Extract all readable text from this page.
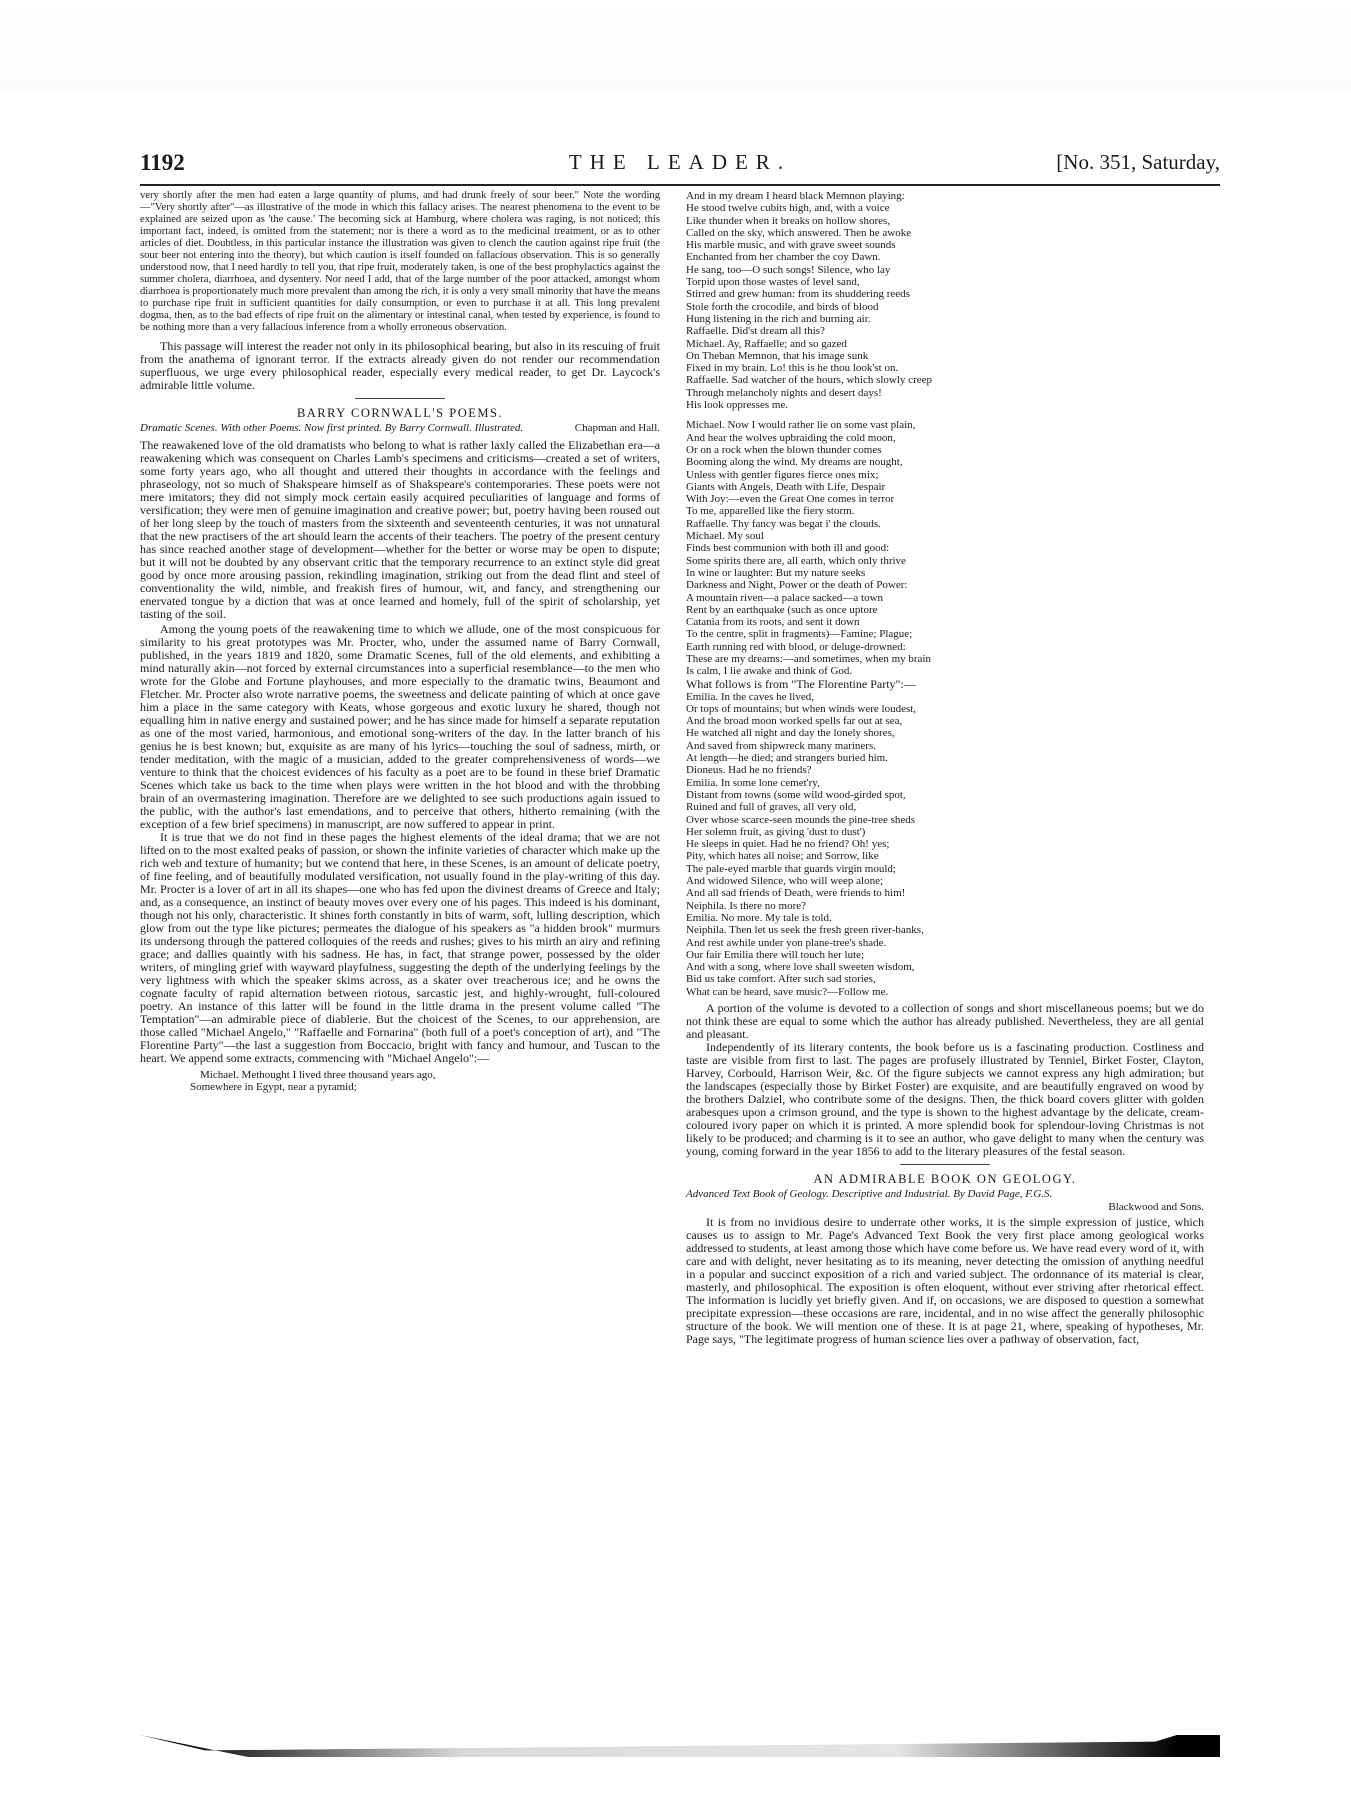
1192	THE LEADER.	[No. 351, Saturday,

very shortly after the men had eaten a large quantity of plums, and had drunk freely of sour beer." Note the wording—"Very shortly after"—as illustrative of the mode in which this fallacy arises. The nearest phenomena to the event to be explained are seized upon as 'the cause.' The becoming sick at Hamburg, where cholera was raging, is not noticed; this important fact, indeed, is omitted from the statement; nor is there a word as to the medicinal treatment, or as to other articles of diet. Doubtless, in this particular instance the illustration was given to clench the caution against ripe fruit (the sour beer not entering into the theory), but which caution is itself founded on fallacious observation. This is so generally understood now, that I need hardly to tell you, that ripe fruit, moderately taken, is one of the best prophylactics against the summer cholera, diarrhoea, and dysentery. Nor need I add, that of the large number of the poor attacked, amongst whom diarrhoea is proportionately much more prevalent than among the rich, it is only a very small minority that have the means to purchase ripe fruit in sufficient quantities for daily consumption, or even to purchase it at all. This long prevalent dogma, then, as to the bad effects of ripe fruit on the alimentary or intestinal canal, when tested by experience, is found to be nothing more than a very fallacious inference from a wholly erroneous observation.

This passage will interest the reader not only in its philosophical bearing, but also in its rescuing of fruit from the anathema of ignorant terror. If the extracts already given do not render our recommendation superfluous, we urge every philosophical reader, especially every medical reader, to get Dr. Laycock's admirable little volume.

BARRY CORNWALL'S POEMS.
Dramatic Scenes. With other Poems. Now first printed. By Barry Cornwall. Illustrated.	Chapman and Hall.

The reawakened love of the old dramatists who belong to what is rather laxly called the Elizabethan era—a reawakening which was consequent on Charles Lamb's specimens and criticisms—created a set of writers, some forty years ago, who all thought and uttered their thoughts in accordance with the feelings and phraseology, not so much of Shakspeare himself as of Shakspeare's contemporaries. These poets were not mere imitators; they did not simply mock certain easily acquired peculiarities of language and forms of versification; they were men of genuine imagination and creative power; but, poetry having been roused out of her long sleep by the touch of masters from the sixteenth and seventeenth centuries, it was not unnatural that the new practisers of the art should learn the accents of their teachers. The poetry of the present century has since reached another stage of development—whether for the better or worse may be open to dispute; but it will not be doubted by any observant critic that the temporary recurrence to an extinct style did great good by once more arousing passion, rekindling imagination, striking out from the dead flint and steel of conventionality the wild, nimble, and freakish fires of humour, wit, and fancy, and strengthening our enervated tongue by a diction that was at once learned and homely, full of the spirit of scholarship, yet tasting of the soil.

Among the young poets of the reawakening time to which we allude, one of the most conspicuous for similarity to his great prototypes was Mr. Procter, who, under the assumed name of Barry Cornwall, published, in the years 1819 and 1820, some Dramatic Scenes, full of the old elements, and exhibiting a mind naturally akin—not forced by external circumstances into a superficial resemblance—to the men who wrote for the Globe and Fortune playhouses, and more especially to the dramatic twins, Beaumont and Fletcher. Mr. Procter also wrote narrative poems, the sweetness and delicate painting of which at once gave him a place in the same category with Keats, whose gorgeous and exotic luxury he shared, though not equalling him in native energy and sustained power; and he has since made for himself a separate reputation as one of the most varied, harmonious, and emotional song-writers of the day. In the latter branch of his genius he is best known; but, exquisite as are many of his lyrics—touching the soul of sadness, mirth, or tender meditation, with the magic of a musician, added to the greater comprehensiveness of words—we venture to think that the choicest evidences of his faculty as a poet are to be found in these brief Dramatic Scenes which take us back to the time when plays were written in the hot blood and with the throbbing brain of an overmastering imagination. Therefore are we delighted to see such productions again issued to the public, with the author's last emendations, and to perceive that others, hitherto remaining (with the exception of a few brief specimens) in manuscript, are now suffered to appear in print.

It is true that we do not find in these pages the highest elements of the ideal drama; that we are not lifted on to the most exalted peaks of passion, or shown the infinite varieties of character which make up the rich web and texture of humanity; but we contend that here, in these Scenes, is an amount of delicate poetry, of fine feeling, and of beautifully modulated versification, not usually found in the play-writing of this day. Mr. Procter is a lover of art in all its shapes—one who has fed upon the divinest dreams of Greece and Italy; and, as a consequence, an instinct of beauty moves over every one of his pages. This indeed is his dominant, though not his only, characteristic. It shines forth constantly in bits of warm, soft, lulling description, which glow from out the type like pictures; permeates the dialogue of his speakers as "a hidden brook" murmurs its undersong through the pattered colloquies of the reeds and rushes; gives to his mirth an airy and refining grace; and dallies quaintly with his sadness. He has, in fact, that strange power, possessed by the older writers, of mingling grief with wayward playfulness, suggesting the depth of the underlying feelings by the very lightness with which the speaker skims across, as a skater over treacherous ice; and he owns the cognate faculty of rapid alternation between riotous, sarcastic jest, and highly-wrought, full-coloured poetry. An instance of this latter will be found in the little drama in the present volume called "The Temptation"—an admirable piece of diablerie. But the choicest of the Scenes, to our apprehension, are those called "Michael Angelo," "Raffaelle and Fornarina" (both full of a poet's conception of art), and "The Florentine Party"—the last a suggestion from Boccacio, bright with fancy and humour, and Tuscan to the heart. We append some extracts, commencing with "Michael Angelo":—

Michael. Methought I lived three thousand years ago,

Somewhere in Egypt, near a pyramid;

And in my dream I heard black Memnon playing:

He stood twelve cubits high, and, with a voice

Like thunder when it breaks on hollow shores,

Called on the sky, which answered. Then he awoke

His marble music, and with grave sweet sounds

Enchanted from her chamber the coy Dawn.

He sang, too—O such songs! Silence, who lay

Torpid upon those wastes of level sand,

Stirred and grew human: from its shuddering reeds

Stole forth the crocodile, and birds of blood

Hung listening in the rich and burning air.

Raffaelle. Did'st dream all this?

Michael. Ay, Raffaelle; and so gazed

On Theban Memnon, that his image sunk

Fixed in my brain. Lo! this is he thou look'st on.

Raffaelle. Sad watcher of the hours, which slowly creep

Through melancholy nights and desert days!

His look oppresses me.

Michael. Now I would rather lie on some vast plain,

And hear the wolves upbraiding the cold moon,

Or on a rock when the blown thunder comes

Booming along the wind. My dreams are nought,

Unless with gentler figures fierce ones mix;

Giants with Angels, Death with Life, Despair

With Joy:—even the Great One comes in terror

To me, apparelled like the fiery storm.

Raffaelle. Thy fancy was begat i' the clouds.

Michael. My soul

Finds best communion with both ill and good:

Some spirits there are, all earth, which only thrive

In wine or laughter: But my nature seeks

Darkness and Night, Power or the death of Power:

A mountain riven—a palace sacked—a town

Rent by an earthquake (such as once uptore

Catania from its roots, and sent it down

To the centre, split in fragments)—Famine; Plague;

Earth running red with blood, or deluge-drowned:

These are my dreams:—and sometimes, when my brain

Is calm, I lie awake and think of God.

What follows is from "The Florentine Party":—

Emilia. In the caves he lived,

Or tops of mountains; but when winds were loudest,

And the broad moon worked spells far out at sea,

He watched all night and day the lonely shores,

And saved from shipwreck many mariners.

At length—he died; and strangers buried him.

Dioneus. Had he no friends?

Emilia. In some lone cemet'ry,

Distant from towns (some wild wood-girded spot,

Ruined and full of graves, all very old,

Over whose scarce-seen mounds the pine-tree sheds

Her solemn fruit, as giving 'dust to dust')

He sleeps in quiet. Had he no friend? Oh! yes;

Pity, which hates all noise; and Sorrow, like

The pale-eyed marble that guards virgin mould;

And widowed Silence, who will weep alone;

And all sad friends of Death, were friends to him!

Neiphila. Is there no more?

Emilia. No more. My tale is told.

Neiphila. Then let us seek the fresh green river-banks,

And rest awhile under yon plane-tree's shade.

Our fair Emilia there will touch her lute;

And with a song, where love shall sweeten wisdom,

Bid us take comfort. After such sad stories,

What can be heard, save music?—Follow me.

A portion of the volume is devoted to a collection of songs and short miscellaneous poems; but we do not think these are equal to some which the author has already published. Nevertheless, they are all genial and pleasant.

Independently of its literary contents, the book before us is a fascinating production. Costliness and taste are visible from first to last. The pages are profusely illustrated by Tenniel, Birket Foster, Clayton, Harvey, Corbould, Harrison Weir, &c. Of the figure subjects we cannot express any high admiration; but the landscapes (especially those by Birket Foster) are exquisite, and are beautifully engraved on wood by the brothers Dalziel, who contribute some of the designs. Then, the thick board covers glitter with golden arabesques upon a crimson ground, and the type is shown to the highest advantage by the delicate, cream-coloured ivory paper on which it is printed. A more splendid book for splendour-loving Christmas is not likely to be produced; and charming is it to see an author, who gave delight to many when the century was young, coming forward in the year 1856 to add to the literary pleasures of the festal season.

AN ADMIRABLE BOOK ON GEOLOGY.
Advanced Text Book of Geology. Descriptive and Industrial. By David Page, F.G.S.
Blackwood and Sons.

It is from no invidious desire to underrate other works, it is the simple expression of justice, which causes us to assign to Mr. Page's Advanced Text Book the very first place among geological works addressed to students, at least among those which have come before us. We have read every word of it, with care and with delight, never hesitating as to its meaning, never detecting the omission of anything needful in a popular and succinct exposition of a rich and varied subject. The ordonnance of its material is clear, masterly, and philosophical. The exposition is often eloquent, without ever striving after rhetorical effect. The information is lucidly yet briefly given. And if, on occasions, we are disposed to question a somewhat precipitate expression—these occasions are rare, incidental, and in no wise affect the generally philosophic structure of the book. We will mention one of these. It is at page 21, where, speaking of hypotheses, Mr. Page says, "The legitimate progress of human science lies over a pathway of observation, fact,
